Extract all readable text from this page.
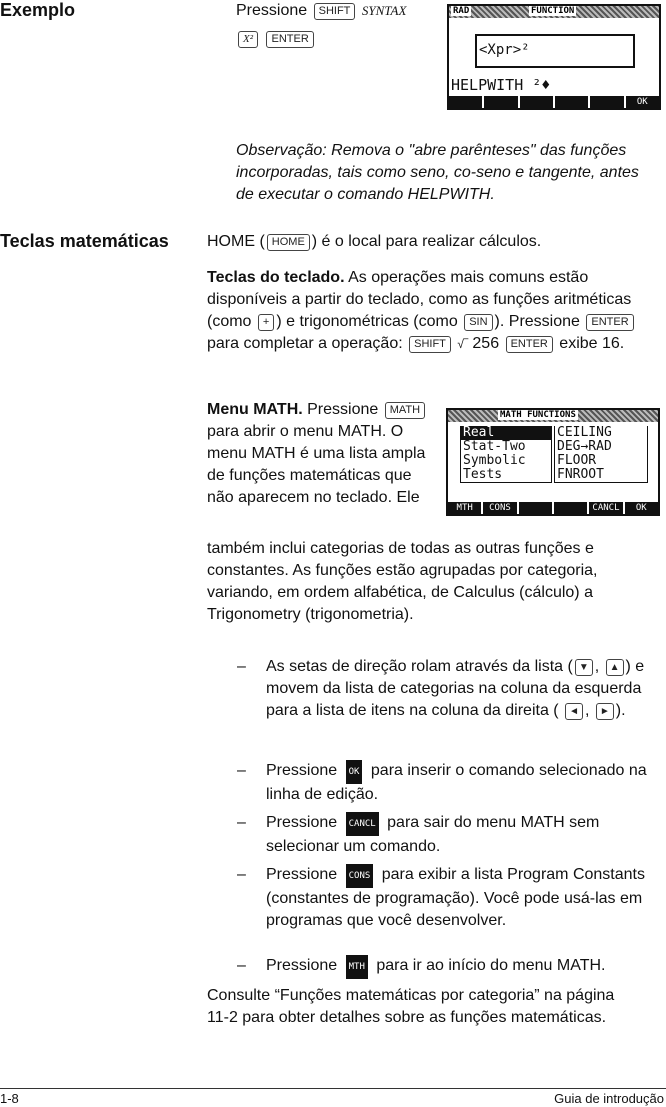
Exemplo	Pressione SHIFT SYNTAX
X² ENTER
RAD	FUNCTION
<Xpr>²
HELPWITH ²♦
OK
Observação: Remova o "abre parênteses" das funções incorporadas, tais como seno, co-seno e tangente, antes de executar o comando HELPWITH.
Teclas matemáticas HOME ( HOME ) é o local para realizar cálculos.
Teclas do teclado. As operações mais comuns estão disponíveis a partir do teclado, como as funções aritméticas (como + ) e trigonométricas (como SIN ). Pressione ENTER para completar a operação: SHIFT √‾ 256 ENTER exibe 16.
Menu MATH. Pressione MATH para abrir o menu MATH. O menu MATH é uma lista ampla de funções matemáticas que não aparecem no teclado. Ele
também inclui categorias de todas as outras funções e constantes. As funções estão agrupadas por categoria, variando, em ordem alfabética, de Calculus (cálculo) a Trigonometry (trigonometria).
MATH FUNCTIONS
Real
Stat-Two
Symbolic
Tests
CEILING
DEG→RAD
FLOOR
FNROOT
MTH	CONS	CANCL	OK
– As setas de direção rolam através da lista ( ▼ , ▲ ) e movem da lista de categorias na coluna da esquerda para a lista de itens na coluna da direita ( ◄ , ► ).
– Pressione OK para inserir o comando selecionado na linha de edição.
– Pressione CANCL para sair do menu MATH sem selecionar um comando.
– Pressione CONS para exibir a lista Program Constants (constantes de programação). Você pode usá-las em programas que você desenvolver.
– Pressione MTH para ir ao início do menu MATH.
Consulte “Funções matemáticas por categoria” na página 11-2 para obter detalhes sobre as funções matemáticas.
1-8	Guia de introdução
